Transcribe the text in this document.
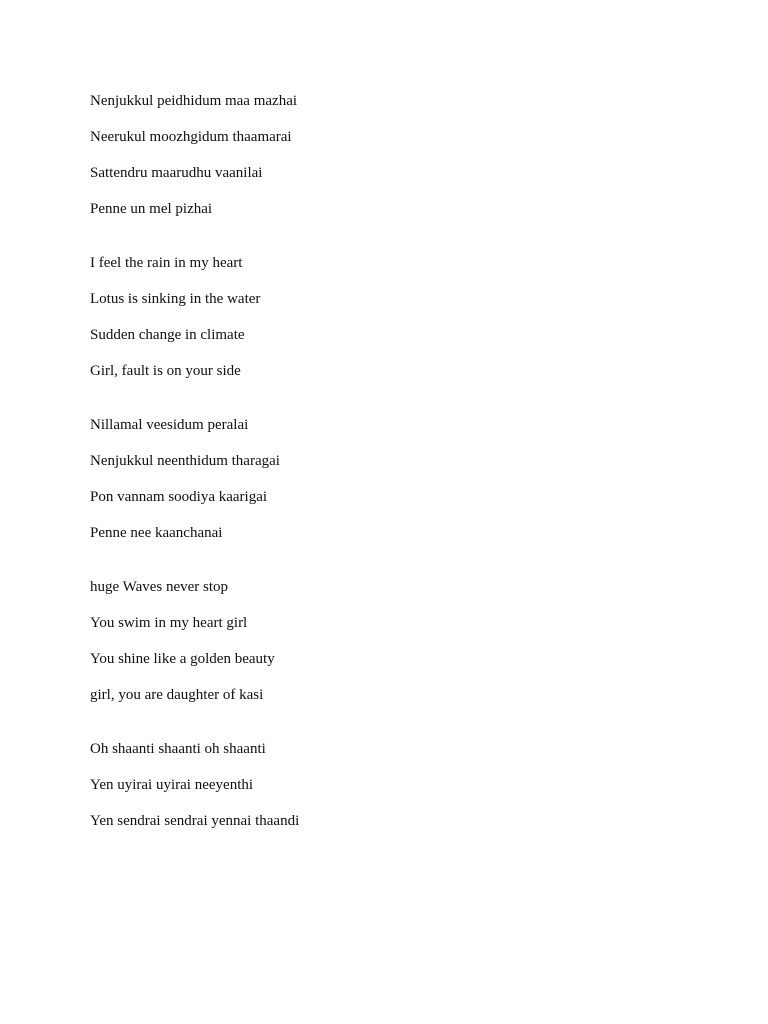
Nenjukkul peidhidum maa mazhai
Neerukul moozhgidum thaamarai
Sattendru maarudhu vaanilai
Penne un mel pizhai
I feel the rain in my heart
Lotus is sinking in the water
Sudden change in climate
Girl, fault is on your side
Nillamal veesidum peralai
Nenjukkul neenthidum tharagai
Pon vannam soodiya kaarigai
Penne nee kaanchanai
huge Waves never stop
You swim in my heart girl
You shine like a golden beauty
girl, you are daughter of kasi
Oh shaanti shaanti oh shaanti
Yen uyirai uyirai neeyenthi
Yen sendrai sendrai yennai thaandi
